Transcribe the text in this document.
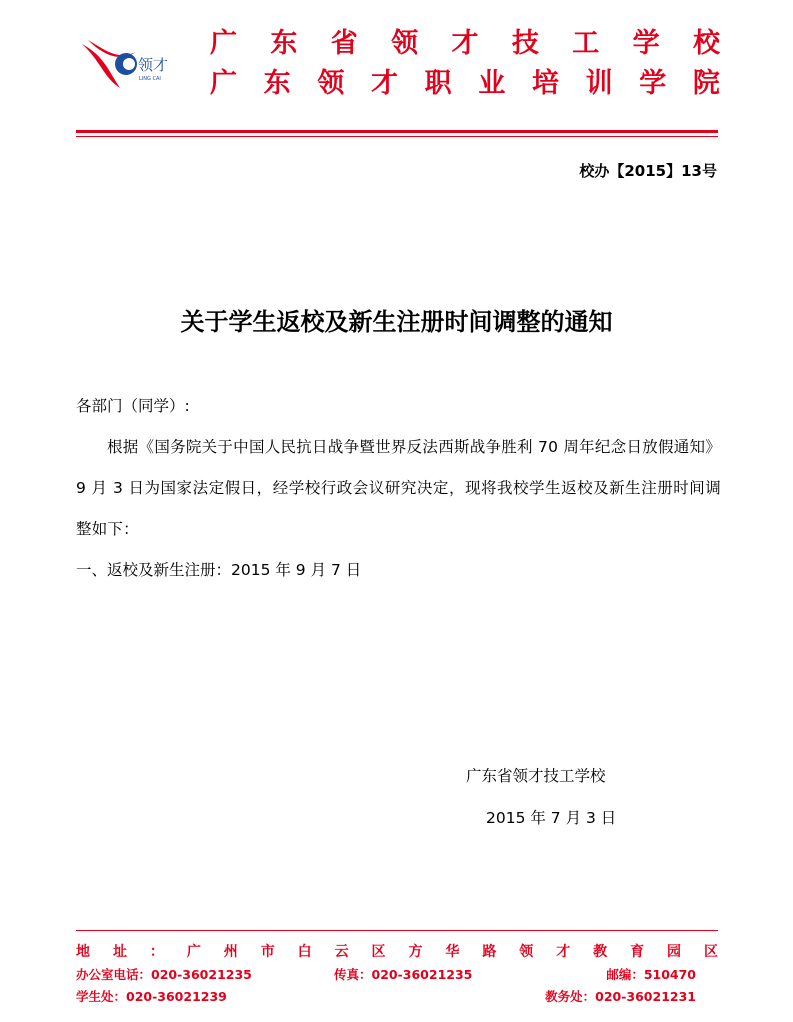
领才
LING CAI
广 东 省 领 才 技 工 学 校
广 东 领 才 职 业 培 训 学 院
校办【2015】13号
关于学生返校及新生注册时间调整的通知

各部门（同学）:

根据《国务院关于中国人民抗日战争暨世界反法西斯战争胜利 70 周年纪念日放假通知》9 月 3 日为国家法定假日，经学校行政会议研究决定，现将我校学生返校及新生注册时间调整如下：

一、返校及新生注册：2015 年 9 月 7 日

广东省领才技工学校
2015 年 7 月 3 日
地 址 ： 广 州 市 白 云 区 方 华 路 领 才 教 育 园 区
办公室电话：020-36021235	传真：020-36021235	邮编：510470
学生处：020-36021239	教务处：020-36021231
